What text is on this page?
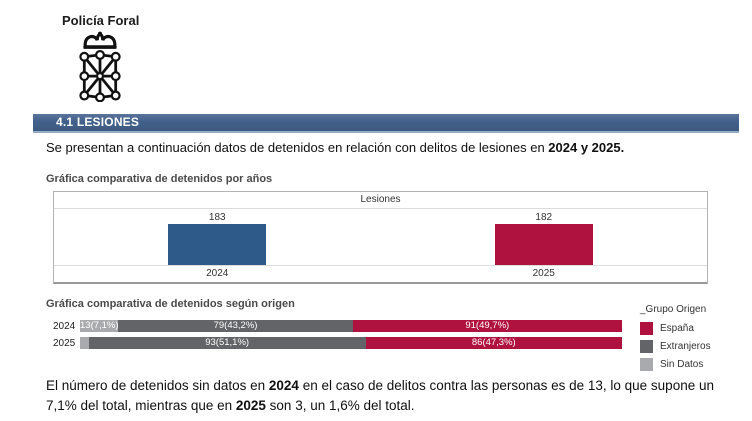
Policía Foral
4.1 LESIONES

Se presentan a continuación datos de detenidos en relación con delitos de lesiones en 2024 y 2025.

Gráfica comparativa de detenidos por años
Lesiones
183	182
2024	2025
Gráfica comparativa de detenidos según origen
2024 13(7,1%)	79(43,2%)	91(49,7%)
2025	93(51,1%)	86(47,3%)
_Grupo Origen
España
Extranjeros
Sin Datos

El número de detenidos sin datos en 2024 en el caso de delitos contra las personas es de 13, lo que supone un 7,1% del total, mientras que en 2025 son 3, un 1,6% del total.
